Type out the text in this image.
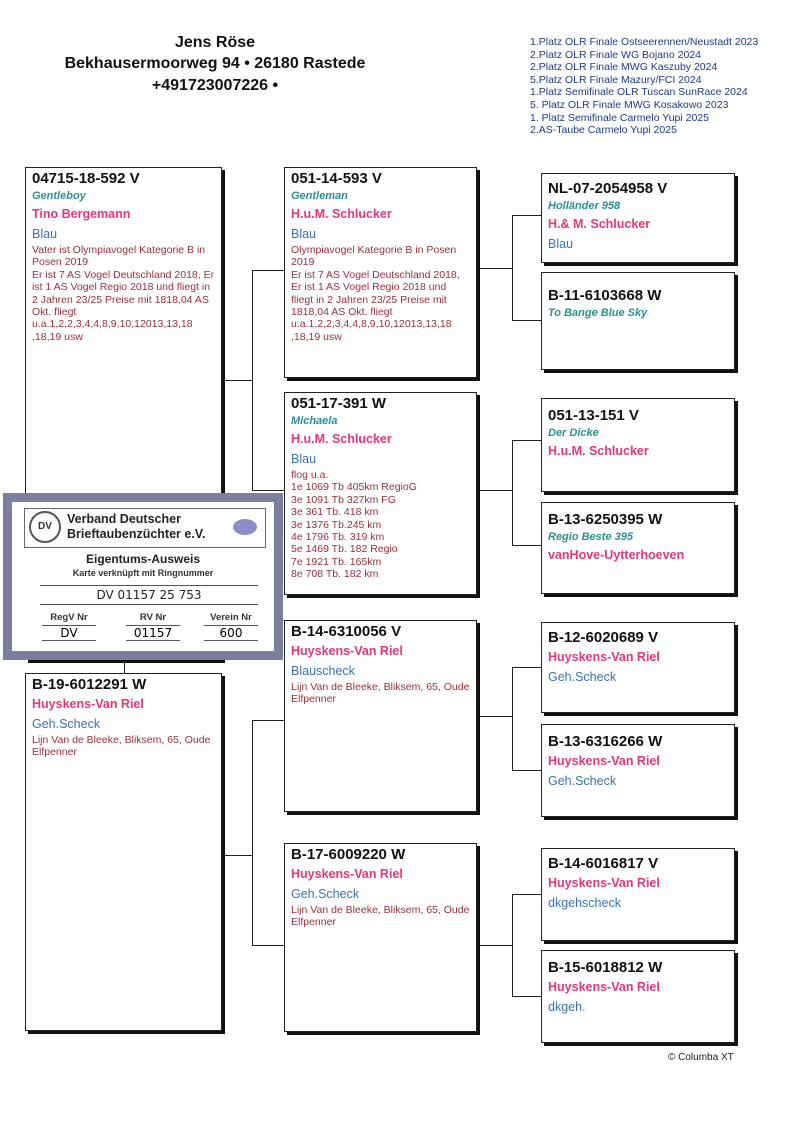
Jens Röse
Bekhausermoorweg 94 • 26180 Rastede
+491723007226 •
1.Platz OLR Finale Ostseerennen/Neustadt 2023
2.Platz OLR Finale WG Bojano 2024
2.Platz OLR Finale MWG Kaszuby 2024
5.Platz OLR Finale Mazury/FCI 2024
1.Platz Semifinale OLR Tuscan SunRace 2024
5. Platz OLR Finale MWG Kosakowo 2023
1. Platz Semifinale Carmelo Yupi 2025
2.AS-Taube Carmelo Yupi 2025
04715-18-592 V
Gentleboy
Tino Bergemann
Blau
Vater ist Olympiavogel Kategorie B in Posen 2019
Er ist 7 AS Vogel Deutschland 2018, Er ist 1 AS Vogel Regio 2018 und fliegt in 2 Jahren 23/25 Preise mit 1818,04 AS Okt. fliegt u.a.1,2,2,3,4,4,8,9,10,12013,13,18 ,18,19 usw
B-19-6012291 W
Huyskens-Van Riel
Geh.Scheck
Lijn Van de Bleeke, Bliksem, 65, Oude Elfpenner
051-14-593 V
Gentleman
H.u.M. Schlucker
Blau
Olympiavogel Kategorie B in Posen 2019
Er ist 7 AS Vogel Deutschland 2018, Er ist 1 AS Vogel Regio 2018 und fliegt in 2 Jahren 23/25 Preise mit 1818,04 AS Okt. fliegt u.a.1,2,2,3,4,4,8,9,10,12013,13,18 ,18,19 usw
051-17-391 W
Michaela
H.u.M. Schlucker
Blau
flog u.a.
1e 1069 Tb 405km RegioG
3e 1091 Tb 327km FG
3e 361 Tb. 418 km
3e 1376 Tb.245 km
4e 1796 Tb. 319 km
5e 1469 Tb. 182 Regio
7e 1921 Tb. 165km
8e 708 Tb. 182 km
B-14-6310056 V
Huyskens-Van Riel
Blauscheck
Lijn Van de Bleeke, Bliksem, 65, Oude Elfpenner
B-17-6009220 W
Huyskens-Van Riel
Geh.Scheck
Lijn Van de Bleeke, Bliksem, 65, Oude Elfpenner
NL-07-2054958 V
Holländer 958
H.& M. Schlucker
Blau
B-11-6103668 W
To Bange Blue Sky
051-13-151 V
Der Dicke
H.u.M. Schlucker
B-13-6250395 W
Regio Beste 395
vanHove-Uytterhoeven
B-12-6020689 V
Huyskens-Van Riel
Geh.Scheck
B-13-6316266 W
Huyskens-Van Riel
Geh.Scheck
B-14-6016817 V
Huyskens-Van Riel
dkgehscheck
B-15-6018812 W
Huyskens-Van Riel
dkgeh.
DV
Verband Deutscher
Brieftaubenzüchter e.V.
Eigentums-Ausweis
Karte verknüpft mit Ringnummer
DV 01157 25 753
RegV Nr
DV
RV Nr
01157
Verein Nr
600
© Columba XT
